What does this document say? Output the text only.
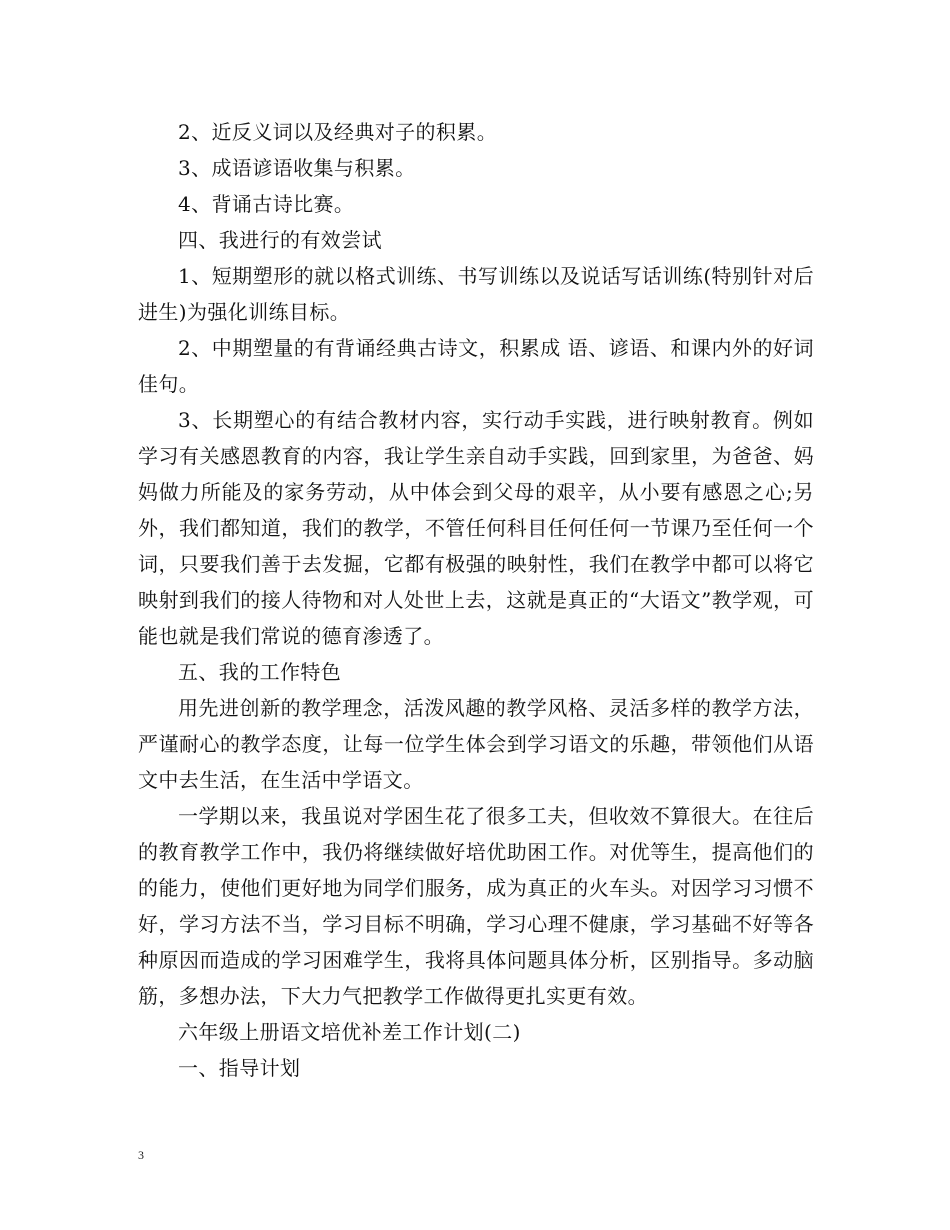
2、近反义词以及经典对子的积累。

3、成语谚语收集与积累。

4、背诵古诗比赛。

四、我进行的有效尝试

1、短期塑形的就以格式训练、书写训练以及说话写话训练(特别针对后进生)为强化训练目标。

2、中期塑量的有背诵经典古诗文，积累成 语、谚语、和课内外的好词佳句。

3、长期塑心的有结合教材内容，实行动手实践，进行映射教育。例如学习有关感恩教育的内容，我让学生亲自动手实践，回到家里，为爸爸、妈妈做力所能及的家务劳动，从中体会到父母的艰辛，从小要有感恩之心;另外，我们都知道，我们的教学，不管任何科目任何任何一节课乃至任何一个词，只要我们善于去发掘，它都有极强的映射性，我们在教学中都可以将它映射到我们的接人待物和对人处世上去，这就是真正的“大语文”教学观，可能也就是我们常说的德育渗透了。

五、我的工作特色

用先进创新的教学理念，活泼风趣的教学风格、灵活多样的教学方法，严谨耐心的教学态度，让每一位学生体会到学习语文的乐趣，带领他们从语文中去生活，在生活中学语文。

一学期以来，我虽说对学困生花了很多工夫，但收效不算很大。在往后的教育教学工作中，我仍将继续做好培优助困工作。对优等生，提高他们的的能力，使他们更好地为同学们服务，成为真正的火车头。对因学习习惯不好，学习方法不当，学习目标不明确，学习心理不健康，学习基础不好等各种原因而造成的学习困难学生，我将具体问题具体分析，区别指导。多动脑筋，多想办法，下大力气把教学工作做得更扎实更有效。

六年级上册语文培优补差工作计划(二)

一、指导计划

3
